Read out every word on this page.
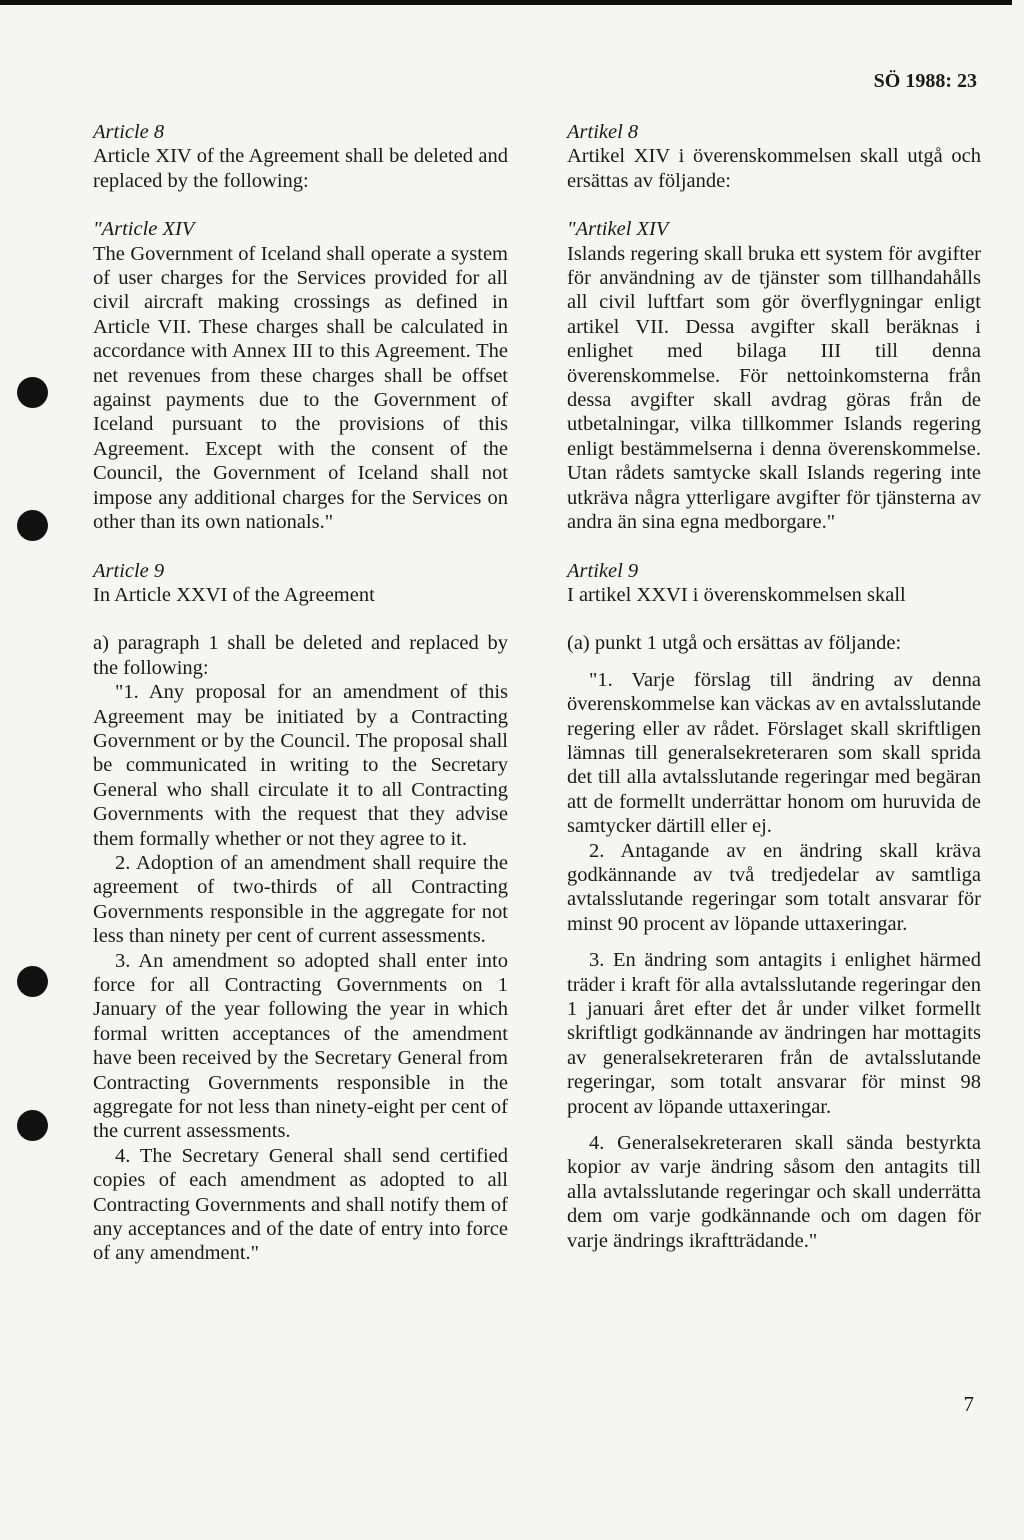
SÖ 1988: 23

Article 8

Article XIV of the Agreement shall be deleted and replaced by the following:

"Article XIV

The Government of Iceland shall operate a system of user charges for the Services provided for all civil aircraft making crossings as defined in Article VII. These charges shall be calculated in accordance with Annex III to this Agreement. The net revenues from these charges shall be offset against payments due to the Government of Iceland pursuant to the provisions of this Agreement. Except with the consent of the Council, the Government of Iceland shall not impose any additional charges for the Services on other than its own nationals."

Article 9

In Article XXVI of the Agreement

a) paragraph 1 shall be deleted and replaced by the following:

"1. Any proposal for an amendment of this Agreement may be initiated by a Contracting Government or by the Council. The proposal shall be communicated in writing to the Secretary General who shall circulate it to all Contracting Governments with the request that they advise them formally whether or not they agree to it.

2. Adoption of an amendment shall require the agreement of two-thirds of all Contracting Governments responsible in the aggregate for not less than ninety per cent of current assessments.

3. An amendment so adopted shall enter into force for all Contracting Governments on 1 January of the year following the year in which formal written acceptances of the amendment have been received by the Secretary General from Contracting Governments responsible in the aggregate for not less than ninety-eight per cent of the current assessments.

4. The Secretary General shall send certified copies of each amendment as adopted to all Contracting Governments and shall notify them of any acceptances and of the date of entry into force of any amendment."

Artikel 8

Artikel XIV i överenskommelsen skall utgå och ersättas av följande:

"Artikel XIV

Islands regering skall bruka ett system för avgifter för användning av de tjänster som tillhandahålls all civil luftfart som gör överflygningar enligt artikel VII. Dessa avgifter skall beräknas i enlighet med bilaga III till denna överenskommelse. För nettoinkomsterna från dessa avgifter skall avdrag göras från de utbetalningar, vilka tillkommer Islands regering enligt bestämmelserna i denna överenskommelse. Utan rådets samtycke skall Islands regering inte utkräva några ytterligare avgifter för tjänsterna av andra än sina egna medborgare."

Artikel 9

I artikel XXVI i överenskommelsen skall

(a) punkt 1 utgå och ersättas av följande:

"1. Varje förslag till ändring av denna överenskommelse kan väckas av en avtalsslutande regering eller av rådet. Förslaget skall skriftligen lämnas till generalsekreteraren som skall sprida det till alla avtalsslutande regeringar med begäran att de formellt underrättar honom om huruvida de samtycker därtill eller ej.

2. Antagande av en ändring skall kräva godkännande av två tredjedelar av samtliga avtalsslutande regeringar som totalt ansvarar för minst 90 procent av löpande uttaxeringar.

3. En ändring som antagits i enlighet härmed träder i kraft för alla avtalsslutande regeringar den 1 januari året efter det år under vilket formellt skriftligt godkännande av ändringen har mottagits av generalsekreteraren från de avtalsslutande regeringar, som totalt ansvarar för minst 98 procent av löpande uttaxeringar.

4. Generalsekreteraren skall sända bestyrkta kopior av varje ändring såsom den antagits till alla avtalsslutande regeringar och skall underrätta dem om varje godkännande och om dagen för varje ändrings ikraftträdande."

7
